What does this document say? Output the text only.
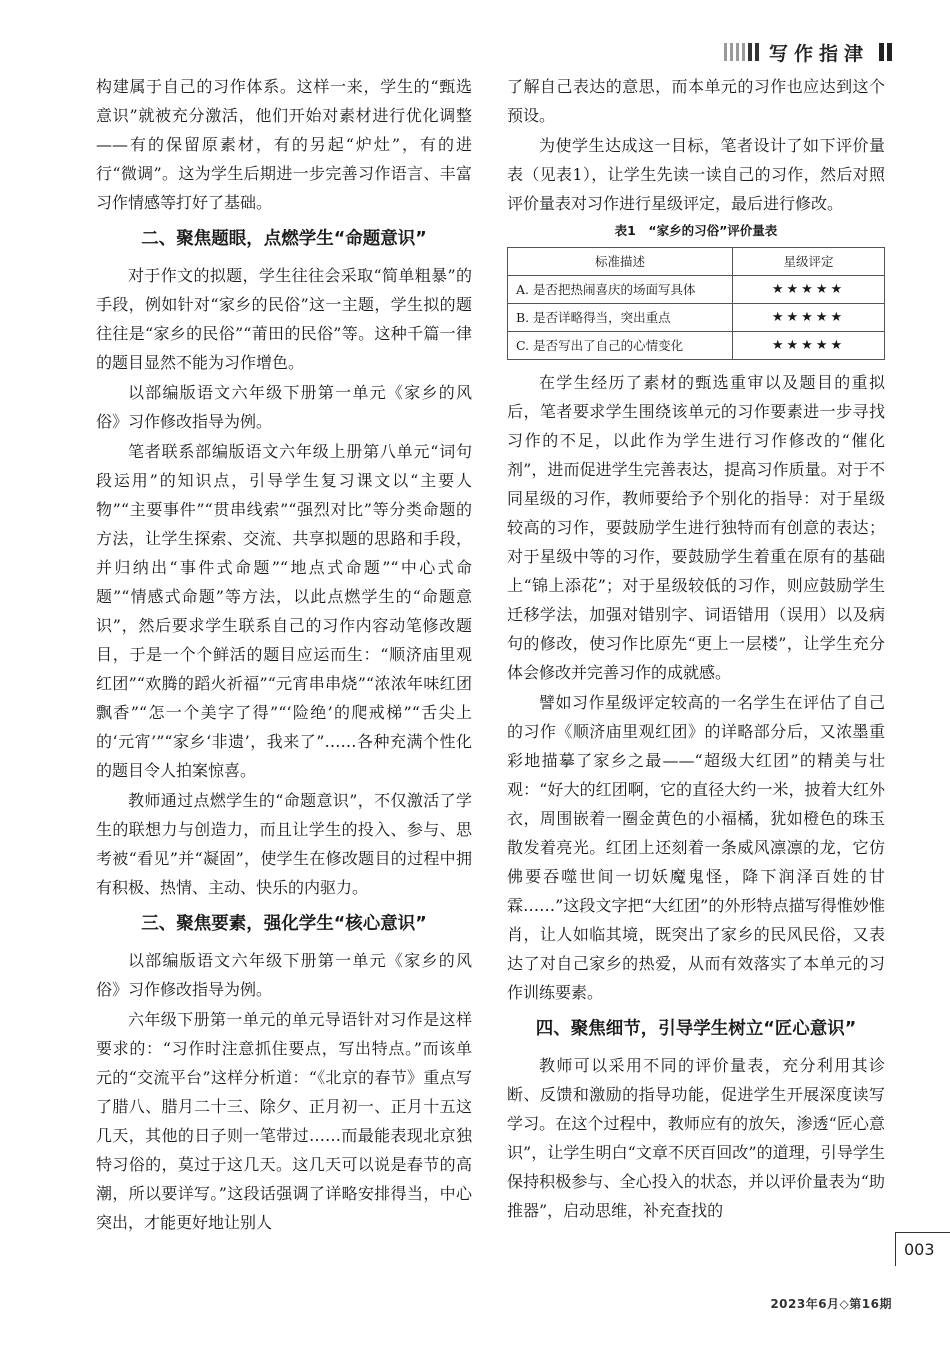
写作指津

构建属于自己的习作体系。这样一来，学生的“甄选意识”就被充分激活，他们开始对素材进行优化调整——有的保留原素材，有的另起“炉灶”，有的进行“微调”。这为学生后期进一步完善习作语言、丰富习作情感等打好了基础。

二、聚焦题眼，点燃学生“命题意识”

对于作文的拟题，学生往往会采取“简单粗暴”的手段，例如针对“家乡的民俗”这一主题，学生拟的题往往是“家乡的民俗”“莆田的民俗”等。这种千篇一律的题目显然不能为习作增色。

以部编版语文六年级下册第一单元《家乡的风俗》习作修改指导为例。

笔者联系部编版语文六年级上册第八单元“词句段运用”的知识点，引导学生复习课文以“主要人物”“主要事件”“贯串线索”“强烈对比”等分类命题的方法，让学生探索、交流、共享拟题的思路和手段，并归纳出“事件式命题”“地点式命题”“中心式命题”“情感式命题”等方法，以此点燃学生的“命题意识”，然后要求学生联系自己的习作内容动笔修改题目，于是一个个鲜活的题目应运而生：“顺济庙里观红团”“欢腾的蹈火祈福”“元宵串串烧”“浓浓年味红团飘香”“怎一个美字了得”“‘险绝’的爬戒梯”“舌尖上的‘元宵’”“家乡‘非遗’，我来了”……各种充满个性化的题目令人拍案惊喜。

教师通过点燃学生的“命题意识”，不仅激活了学生的联想力与创造力，而且让学生的投入、参与、思考被“看见”并“凝固”，使学生在修改题目的过程中拥有积极、热情、主动、快乐的内驱力。

三、聚焦要素，强化学生“核心意识”

以部编版语文六年级下册第一单元《家乡的风俗》习作修改指导为例。

六年级下册第一单元的单元导语针对习作是这样要求的：“习作时注意抓住要点，写出特点。”而该单元的“交流平台”这样分析道：“《北京的春节》重点写了腊八、腊月二十三、除夕、正月初一、正月十五这几天，其他的日子则一笔带过……而最能表现北京独特习俗的，莫过于这几天。这几天可以说是春节的高潮，所以要详写。”这段话强调了详略安排得当，中心突出，才能更好地让别人

了解自己表达的意思，而本单元的习作也应达到这个预设。

为使学生达成这一目标，笔者设计了如下评价量表（见表1），让学生先读一读自己的习作，然后对照评价量表对习作进行星级评定，最后进行修改。

表1　“家乡的习俗”评价量表
标准描述	星级评定
A. 是否把热闹喜庆的场面写具体	★★★★★
B. 是否详略得当，突出重点	★★★★★
C. 是否写出了自己的心情变化	★★★★★

在学生经历了素材的甄选重审以及题目的重拟后，笔者要求学生围绕该单元的习作要素进一步寻找习作的不足，以此作为学生进行习作修改的“催化剂”，进而促进学生完善表达，提高习作质量。对于不同星级的习作，教师要给予个别化的指导：对于星级较高的习作，要鼓励学生进行独特而有创意的表达；对于星级中等的习作，要鼓励学生着重在原有的基础上“锦上添花”；对于星级较低的习作，则应鼓励学生迁移学法，加强对错别字、词语错用（误用）以及病句的修改，使习作比原先“更上一层楼”，让学生充分体会修改并完善习作的成就感。

譬如习作星级评定较高的一名学生在评估了自己的习作《顺济庙里观红团》的详略部分后，又浓墨重彩地描摹了家乡之最——“超级大红团”的精美与壮观：“好大的红团啊，它的直径大约一米，披着大红外衣，周围嵌着一圈金黄色的小福橘，犹如橙色的珠玉散发着亮光。红团上还刻着一条威风凛凛的龙，它仿佛要吞噬世间一切妖魔鬼怪，降下润泽百姓的甘霖……”这段文字把“大红团”的外形特点描写得惟妙惟肖，让人如临其境，既突出了家乡的民风民俗，又表达了对自己家乡的热爱，从而有效落实了本单元的习作训练要素。

四、聚焦细节，引导学生树立“匠心意识”

教师可以采用不同的评价量表，充分利用其诊断、反馈和激励的指导功能，促进学生开展深度读写学习。在这个过程中，教师应有的放矢，渗透“匠心意识”，让学生明白“文章不厌百回改”的道理，引导学生保持积极参与、全心投入的状态，并以评价量表为“助推器”，启动思维，补充查找的

003
2023年6月◇第16期
